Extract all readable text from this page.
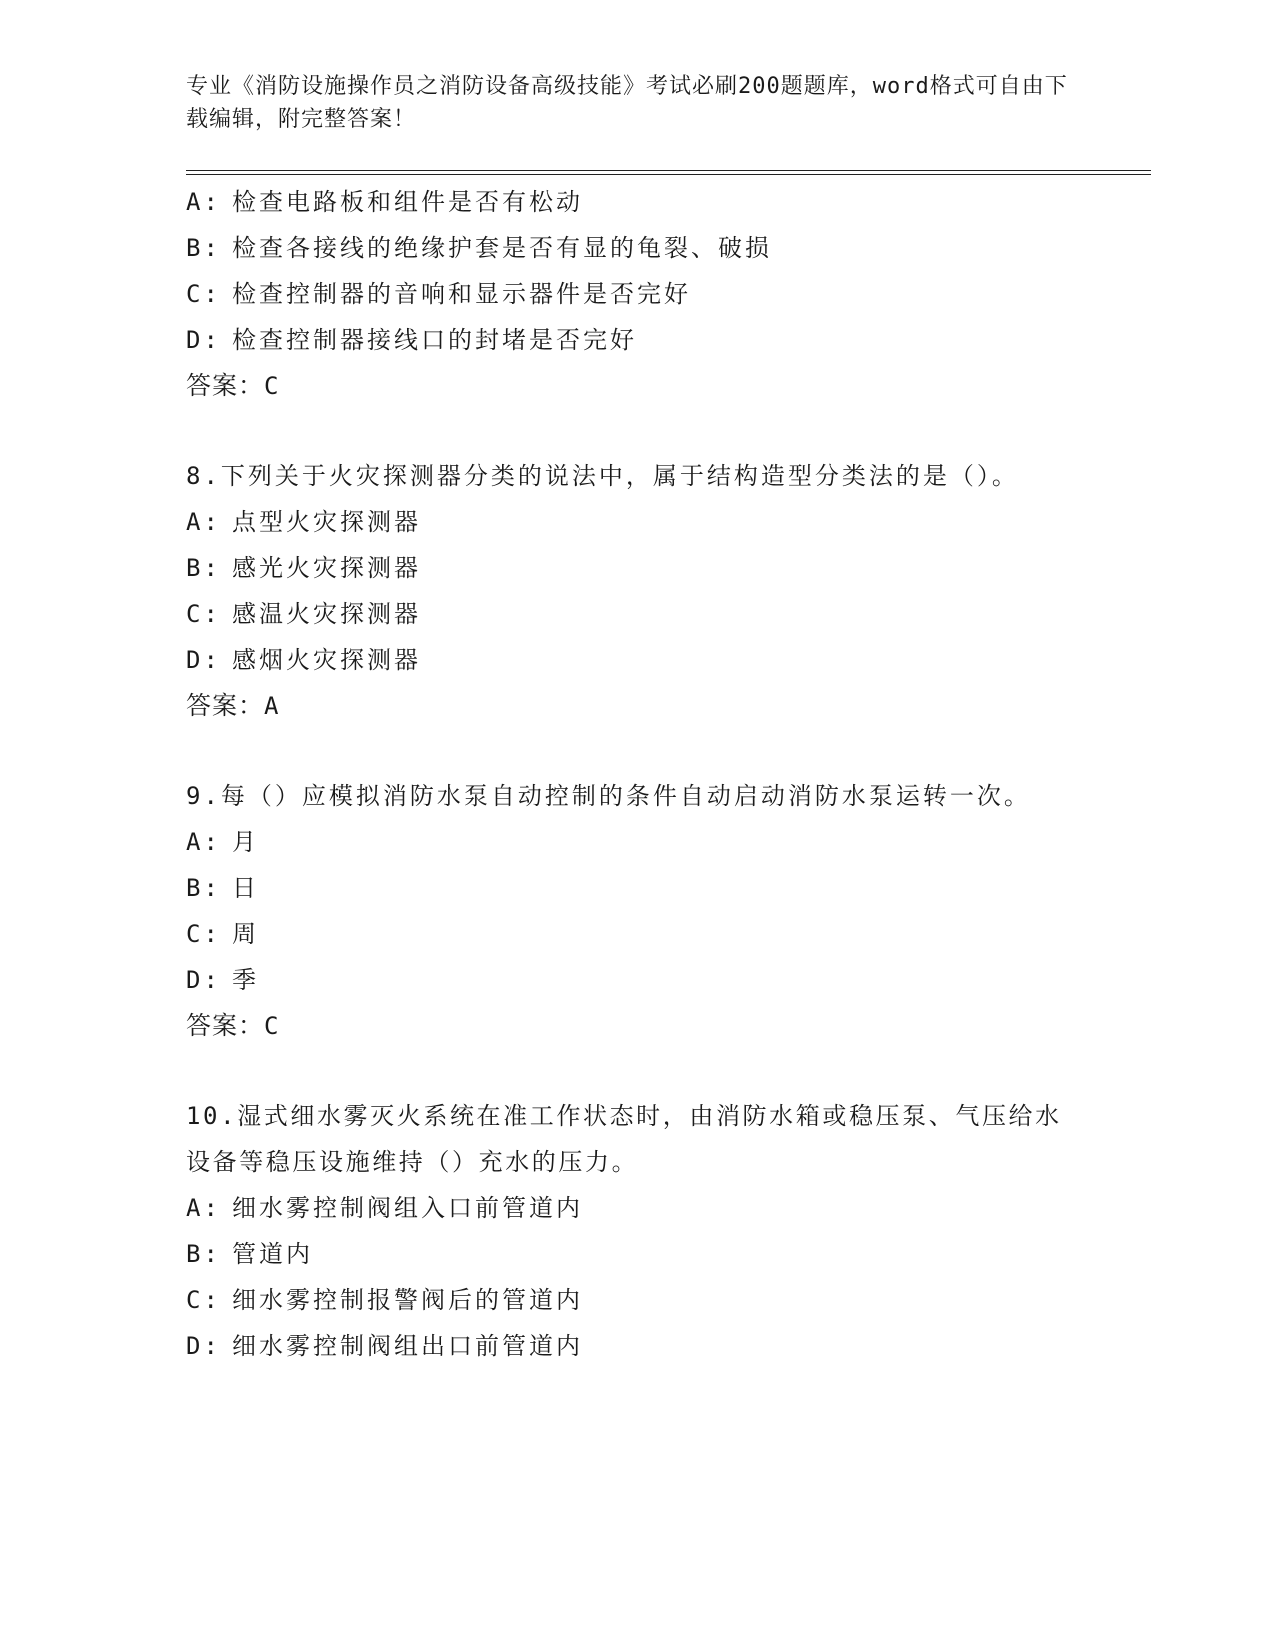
专业《消防设施操作员之消防设备高级技能》考试必刷200题题库，word格式可自由下载编辑，附完整答案！

A: 检查电路板和组件是否有松动
B: 检查各接线的绝缘护套是否有显的龟裂、破损
C: 检查控制器的音响和显示器件是否完好
D: 检查控制器接线口的封堵是否完好
答案：C
8.下列关于火灾探测器分类的说法中，属于结构造型分类法的是（）。
A: 点型火灾探测器
B: 感光火灾探测器
C: 感温火灾探测器
D: 感烟火灾探测器
答案：A
9.每（）应模拟消防水泵自动控制的条件自动启动消防水泵运转一次。
A: 月
B: 日
C: 周
D: 季
答案：C
10.湿式细水雾灭火系统在准工作状态时，由消防水箱或稳压泵、气压给水设备等稳压设施维持（）充水的压力。
A: 细水雾控制阀组入口前管道内
B: 管道内
C: 细水雾控制报警阀后的管道内
D: 细水雾控制阀组出口前管道内
